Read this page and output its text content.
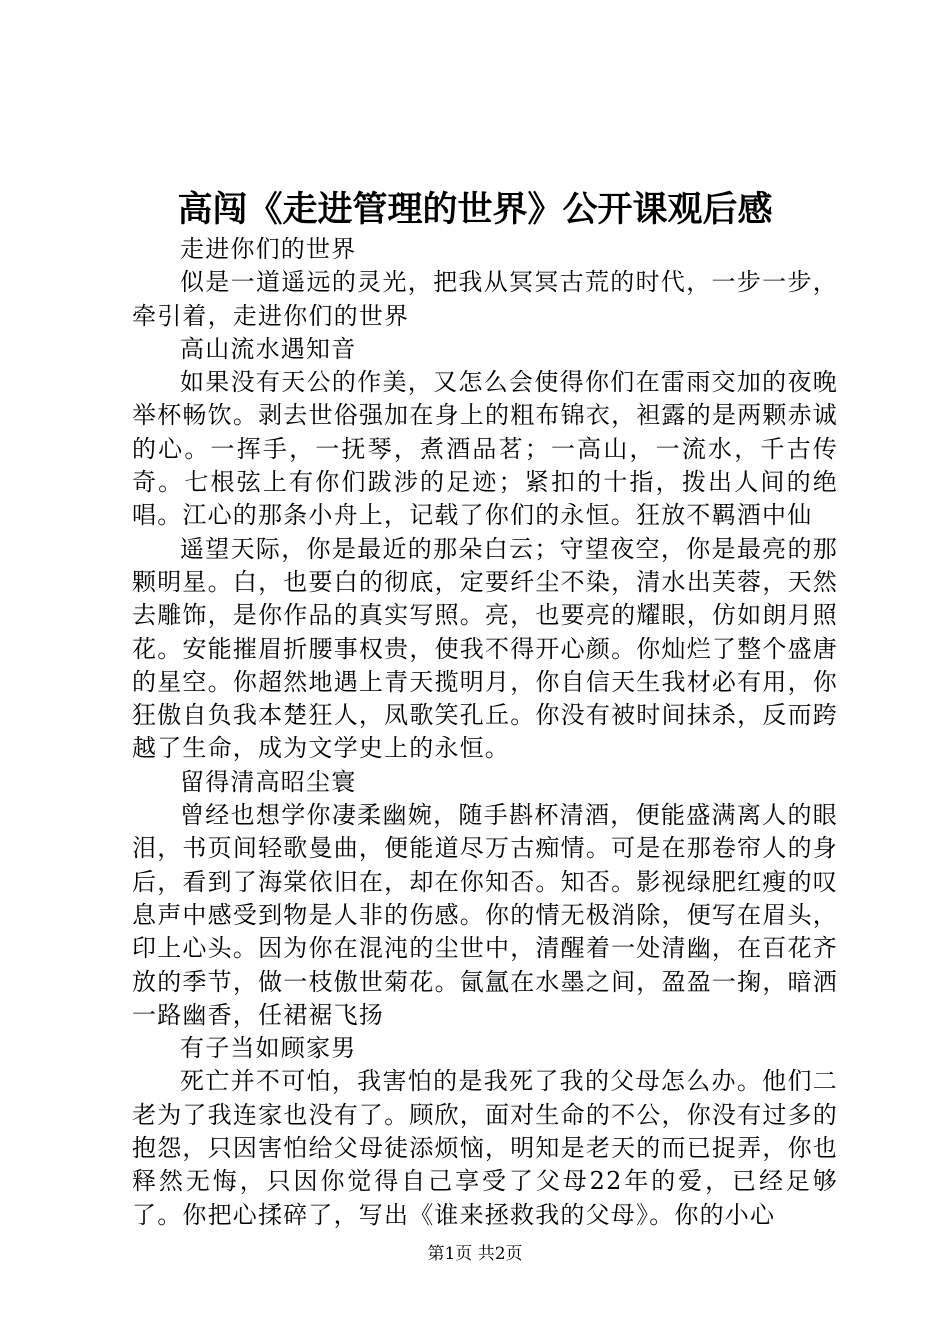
高闯《走进管理的世界》公开课观后感

走进你们的世界

似是一道遥远的灵光，把我从冥冥古荒的时代，一步一步，牵引着，走进你们的世界

高山流水遇知音

如果没有天公的作美，又怎么会使得你们在雷雨交加的夜晚举杯畅饮。剥去世俗强加在身上的粗布锦衣，袒露的是两颗赤诚的心。一挥手，一抚琴，煮酒品茗；一高山，一流水，千古传奇。七根弦上有你们跋涉的足迹；紧扣的十指，拨出人间的绝唱。江心的那条小舟上，记载了你们的永恒。狂放不羁酒中仙

遥望天际，你是最近的那朵白云；守望夜空，你是最亮的那颗明星。白，也要白的彻底，定要纤尘不染，清水出芙蓉，天然去雕饰，是你作品的真实写照。亮，也要亮的耀眼，仿如朗月照花。安能摧眉折腰事权贵，使我不得开心颜。你灿烂了整个盛唐的星空。你超然地遇上青天揽明月，你自信天生我材必有用，你狂傲自负我本楚狂人，凤歌笑孔丘。你没有被时间抹杀，反而跨越了生命，成为文学史上的永恒。

留得清高昭尘寰

曾经也想学你凄柔幽婉，随手斟杯清酒，便能盛满离人的眼泪，书页间轻歌曼曲，便能道尽万古痴情。可是在那卷帘人的身后，看到了海棠依旧在，却在你知否。知否。影视绿肥红瘦的叹息声中感受到物是人非的伤感。你的情无极消除，便写在眉头，印上心头。因为你在混沌的尘世中，清醒着一处清幽，在百花齐放的季节，做一枝傲世菊花。氤氲在水墨之间，盈盈一掬，暗洒一路幽香，任裙裾飞扬

有子当如顾家男

死亡并不可怕，我害怕的是我死了我的父母怎么办。他们二老为了我连家也没有了。顾欣，面对生命的不公，你没有过多的抱怨，只因害怕给父母徒添烦恼，明知是老天的而已捉弄，你也释然无悔，只因你觉得自己享受了父母22年的爱，已经足够了。你把心揉碎了，写出《谁来拯救我的父母》。你的小心

第1页 共2页
